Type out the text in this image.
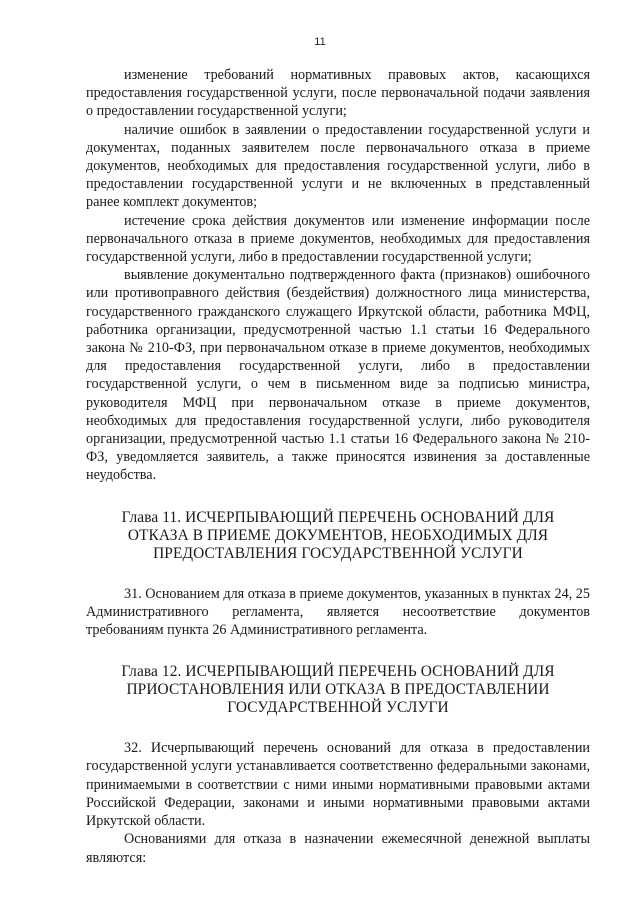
11

изменение требований нормативных правовых актов, касающихся предоставления государственной услуги, после первоначальной подачи заявления о предоставлении государственной услуги;

наличие ошибок в заявлении о предоставлении государственной услуги и документах, поданных заявителем после первоначального отказа в приеме документов, необходимых для предоставления государственной услуги, либо в предоставлении государственной услуги и не включенных в представленный ранее комплект документов;

истечение срока действия документов или изменение информации после первоначального отказа в приеме документов, необходимых для предоставления государственной услуги, либо в предоставлении государственной услуги;

выявление документально подтвержденного факта (признаков) ошибочного или противоправного действия (бездействия) должностного лица министерства, государственного гражданского служащего Иркутской области, работника МФЦ, работника организации, предусмотренной частью 1.1 статьи 16 Федерального закона № 210-ФЗ, при первоначальном отказе в приеме документов, необходимых для предоставления государственной услуги, либо в предоставлении государственной услуги, о чем в письменном виде за подписью министра, руководителя МФЦ при первоначальном отказе в приеме документов, необходимых для предоставления государственной услуги, либо руководителя организации, предусмотренной частью 1.1 статьи 16 Федерального закона № 210-ФЗ, уведомляется заявитель, а также приносятся извинения за доставленные неудобства.

Глава 11. ИСЧЕРПЫВАЮЩИЙ ПЕРЕЧЕНЬ ОСНОВАНИЙ ДЛЯ

ОТКАЗА В ПРИЕМЕ ДОКУМЕНТОВ, НЕОБХОДИМЫХ ДЛЯ

ПРЕДОСТАВЛЕНИЯ ГОСУДАРСТВЕННОЙ УСЛУГИ

31. Основанием для отказа в приеме документов, указанных в пунктах 24, 25 Административного регламента, является несоответствие документов требованиям пункта 26 Административного регламента.

Глава 12. ИСЧЕРПЫВАЮЩИЙ ПЕРЕЧЕНЬ ОСНОВАНИЙ ДЛЯ

ПРИОСТАНОВЛЕНИЯ ИЛИ ОТКАЗА В ПРЕДОСТАВЛЕНИИ

ГОСУДАРСТВЕННОЙ УСЛУГИ

32. Исчерпывающий перечень оснований для отказа в предоставлении государственной услуги устанавливается соответственно федеральными законами, принимаемыми в соответствии с ними иными нормативными правовыми актами Российской Федерации, законами и иными нормативными правовыми актами Иркутской области.

Основаниями для отказа в назначении ежемесячной денежной выплаты являются:
